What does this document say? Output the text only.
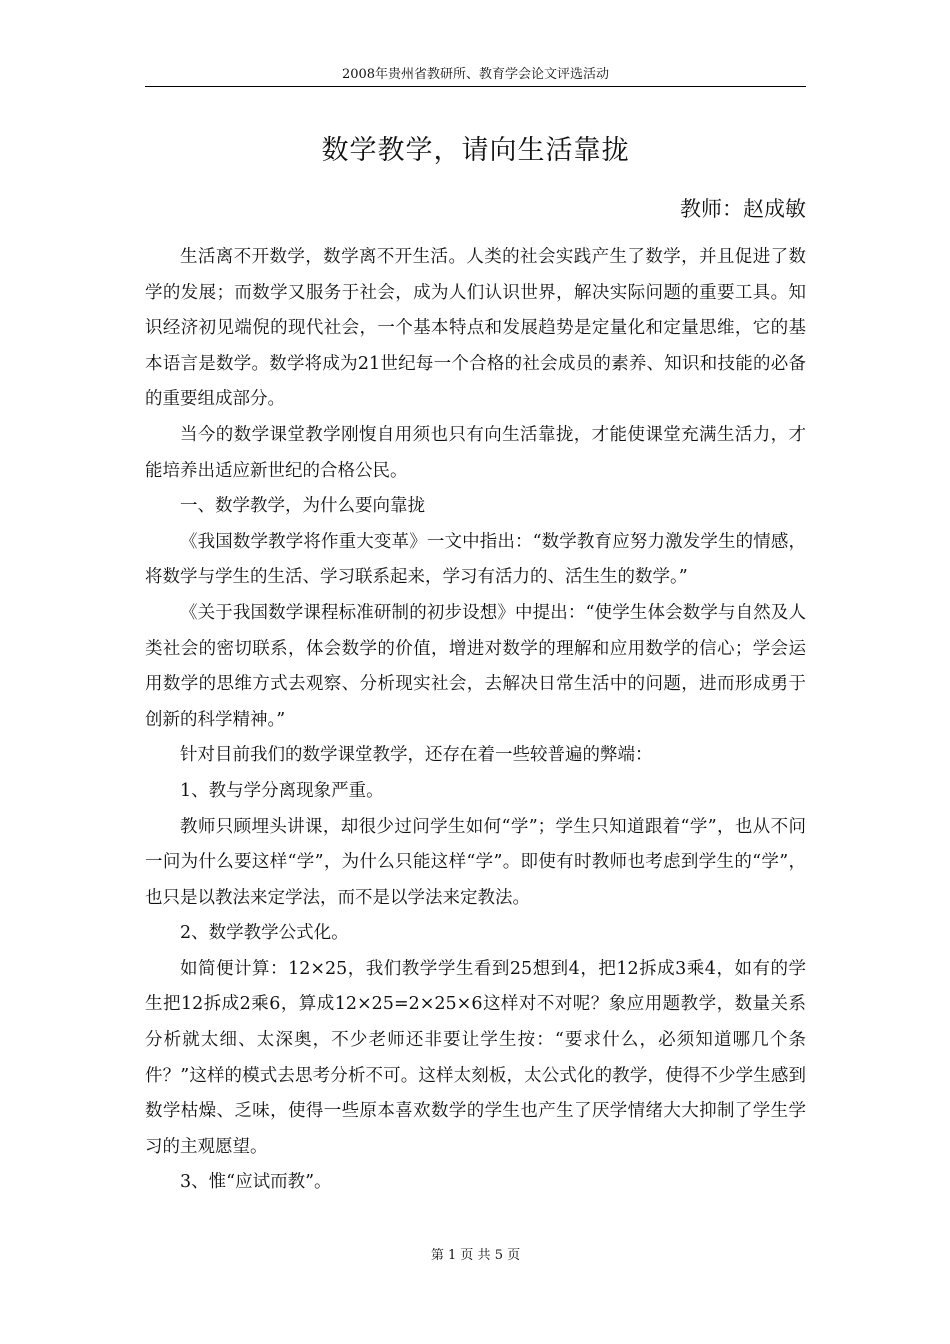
2008年贵州省教研所、教育学会论文评选活动
数学教学，请向生活靠拢
教师：赵成敏

生活离不开数学，数学离不开生活。人类的社会实践产生了数学，并且促进了数学的发展；而数学又服务于社会，成为人们认识世界，解决实际问题的重要工具。知识经济初见端倪的现代社会，一个基本特点和发展趋势是定量化和定量思维，它的基本语言是数学。数学将成为21世纪每一个合格的社会成员的素养、知识和技能的必备的重要组成部分。

当今的数学课堂教学刚愎自用须也只有向生活靠拢，才能使课堂充满生活力，才能培养出适应新世纪的合格公民。

一、数学教学，为什么要向靠拢

《我国数学教学将作重大变革》一文中指出：“数学教育应努力激发学生的情感，将数学与学生的生活、学习联系起来，学习有活力的、活生生的数学。”

《关于我国数学课程标准研制的初步设想》中提出：“使学生体会数学与自然及人类社会的密切联系，体会数学的价值，增进对数学的理解和应用数学的信心；学会运用数学的思维方式去观察、分析现实社会，去解决日常生活中的问题，进而形成勇于创新的科学精神。”

针对目前我们的数学课堂教学，还存在着一些较普遍的弊端：

1、教与学分离现象严重。

教师只顾埋头讲课，却很少过问学生如何“学”；学生只知道跟着“学”，也从不问一问为什么要这样“学”，为什么只能这样“学”。即使有时教师也考虑到学生的“学”，也只是以教法来定学法，而不是以学法来定教法。

2、数学教学公式化。

如简便计算：12×25，我们教学学生看到25想到4，把12拆成3乘4，如有的学生把12拆成2乘6，算成12×25=2×25×6这样对不对呢？象应用题教学，数量关系分析就太细、太深奥，不少老师还非要让学生按：“要求什么，必须知道哪几个条件？”这样的模式去思考分析不可。这样太刻板，太公式化的教学，使得不少学生感到数学枯燥、乏味，使得一些原本喜欢数学的学生也产生了厌学情绪大大抑制了学生学习的主观愿望。

3、惟“应试而教”。

第 1 页 共 5 页
